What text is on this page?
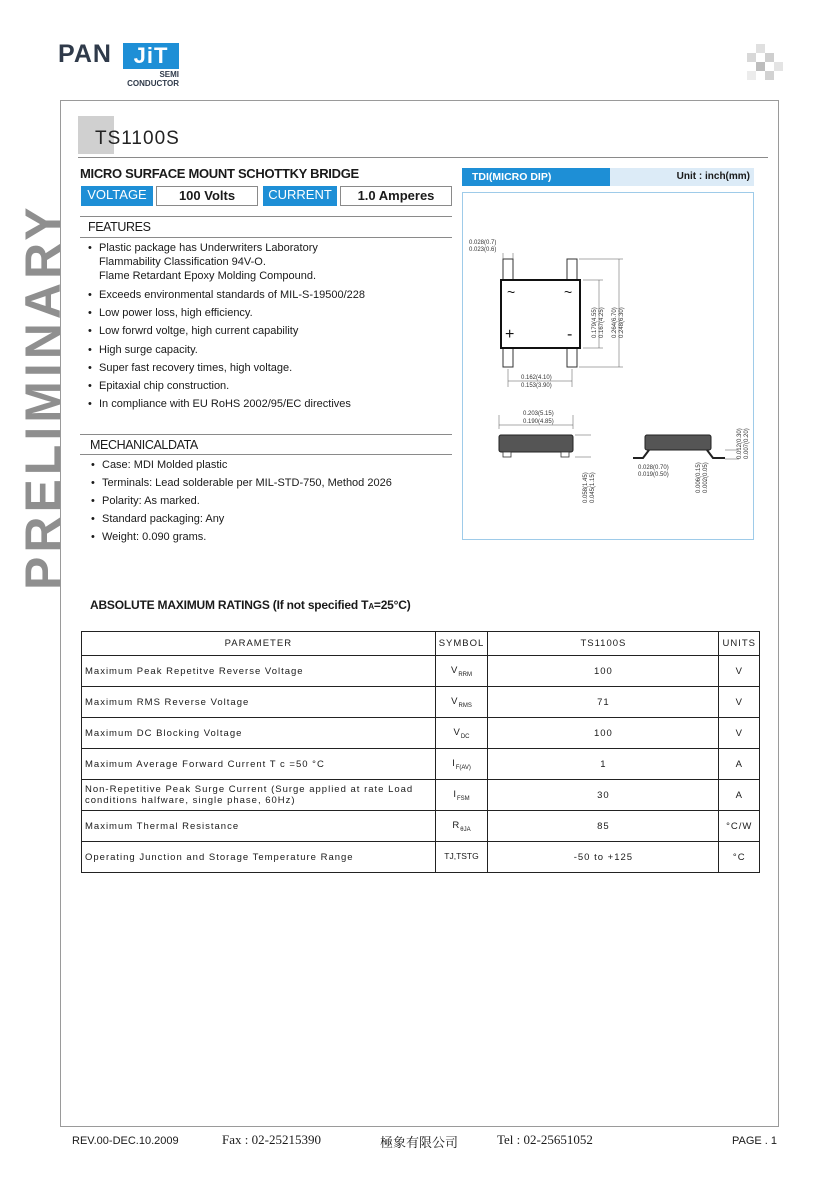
PAN JiT
SEMI
CONDUCTOR
PRELIMINARY
TS1100S
MICRO SURFACE MOUNT SCHOTTKY BRIDGE
VOLTAGE	100 Volts	CURRENT	1.0 Amperes
FEATURES
• Plastic package has Underwriters Laboratory
Flammability Classification 94V-O.
Flame Retardant Epoxy Molding Compound.
• Exceeds environmental standards of MIL-S-19500/228
• Low power loss, high efficiency.
• Low forwrd voltge, high current capability
• High surge capacity.
• Super fast recovery times, high voltage.
• Epitaxial chip construction.
• In compliance with EU RoHS 2002/95/EC directives
MECHANICALDATA
• Case: MDI Molded plastic
• Terminals: Lead solderable per MIL-STD-750, Method 2026
• Polarity: As marked.
• Standard packaging: Any
• Weight: 0.090 grams.
TDI(MICRO DIP)	Unit : inch(mm)
~	~
+	-
0.028(0.7)
0.023(0.6)
0.179(4.55) 0.167(4.25) 0.264(6.70) 0.248(6.30)
0.162(4.10)
0.153(3.90)
0.203(5.15)
0.190(4.85)
0.058(1.45) 0.045(1.15)
0.028(0.70)
0.019(0.50)	0.006(0.15) 0.002(0.05)
0.012(0.30) 0.007(0.20)
ABSOLUTE MAXIMUM RATINGS (If not specified TA=25°C)
PARAMETER	SYMBOL	TS1100S	UNITS
Maximum Peak Repetitve Reverse Voltage	$V_{RRM}$	100	V
Maximum RMS Reverse Voltage	$V_{RMS}$	71	V
Maximum DC Blocking Voltage	$V_{DC}$	100	V
Maximum Average Forward Current T c =50 °C	$I_{F(AV)}$	1	A
Non-Repetitive Peak Surge Current (Surge applied at rate Load conditions halfware, single phase, 60Hz)	$I_{FSM}$	30	A
Maximum Thermal Resistance	$R_{\theta JA}$	85	°C/W
Operating Junction and Storage Temperature Range	TJ,TSTG	-50 to +125	°C
REV.00-DEC.10.2009	Fax : 02-25215390	極象有限公司	Tel : 02-25651052	PAGE . 1
